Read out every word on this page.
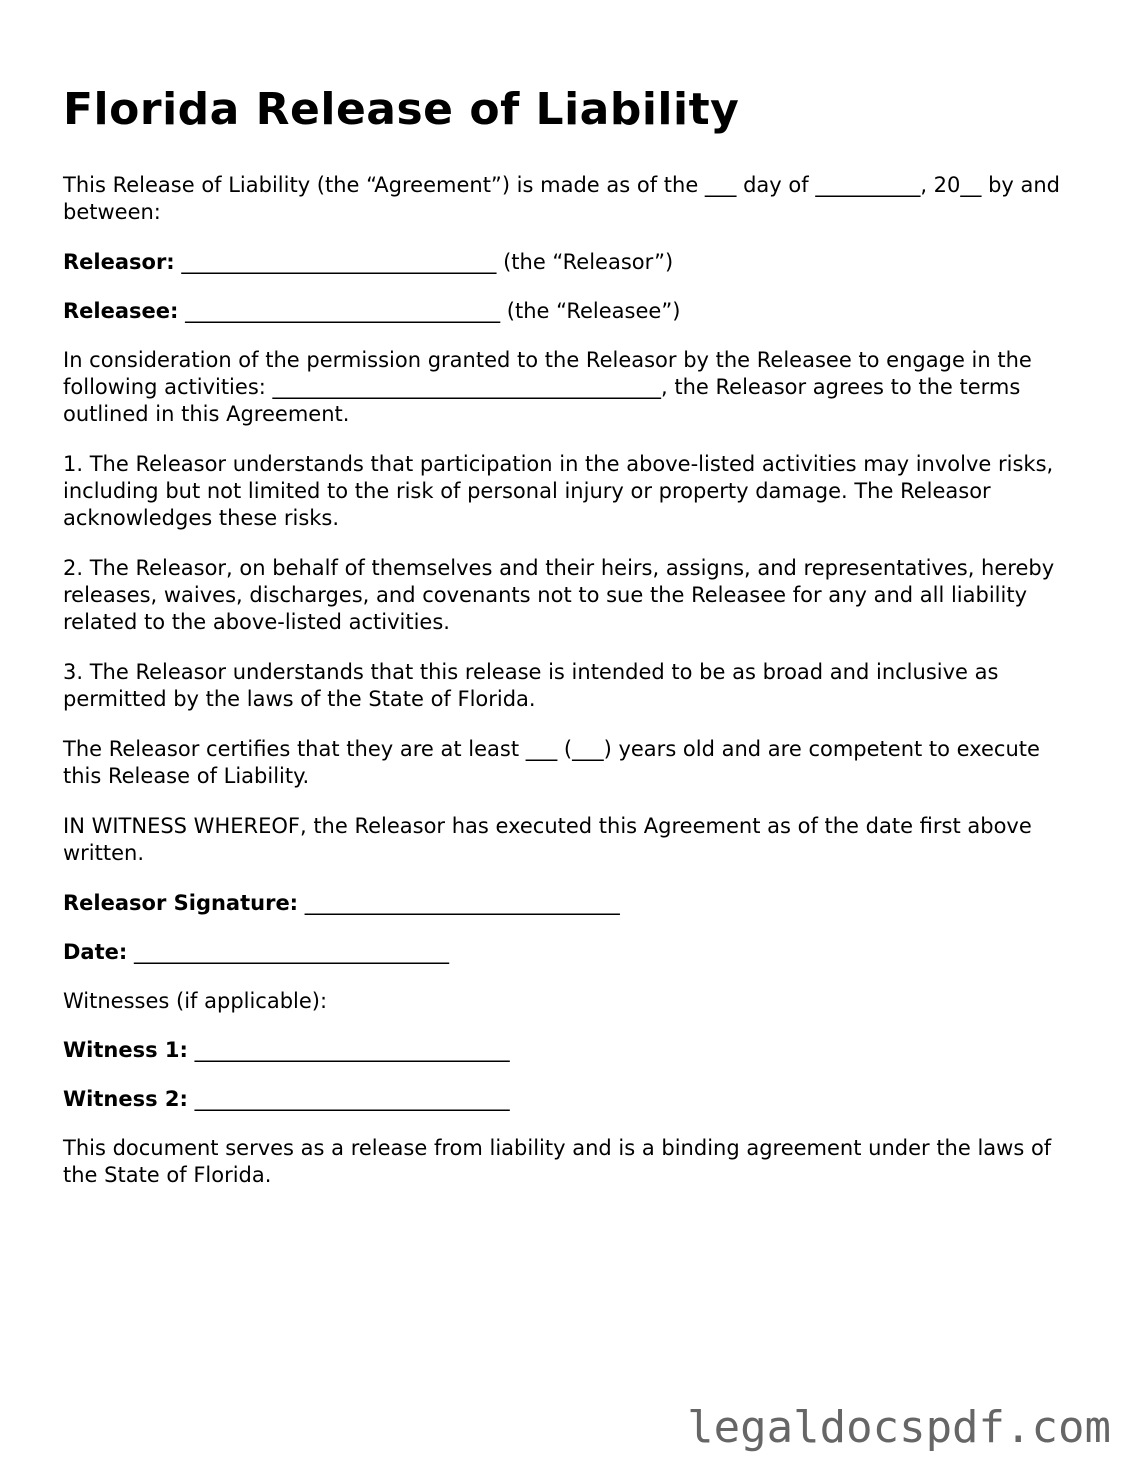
Florida Release of Liability

This Release of Liability (the “Agreement”) is made as of the ___ day of __________, 20__ by and between:

Releasor: ______________________________ (the “Releasor”)
Releasee: ______________________________ (the “Releasee”)

In consideration of the permission granted to the Releasor by the Releasee to engage in the following activities: _____________________________________, the Releasor agrees to the terms outlined in this Agreement.

1. The Releasor understands that participation in the above-listed activities may involve risks, including but not limited to the risk of personal injury or property damage. The Releasor acknowledges these risks.

2. The Releasor, on behalf of themselves and their heirs, assigns, and representatives, hereby releases, waives, discharges, and covenants not to sue the Releasee for any and all liability related to the above-listed activities.

3. The Releasor understands that this release is intended to be as broad and inclusive as permitted by the laws of the State of Florida.

The Releasor certifies that they are at least ___ (___) years old and are competent to execute this Release of Liability.

IN WITNESS WHEREOF, the Releasor has executed this Agreement as of the date first above written.

Releasor Signature: ______________________________
Date: ______________________________
Witnesses (if applicable):
Witness 1: ______________________________
Witness 2: ______________________________

This document serves as a release from liability and is a binding agreement under the laws of the State of Florida.

legaldocspdf.com
